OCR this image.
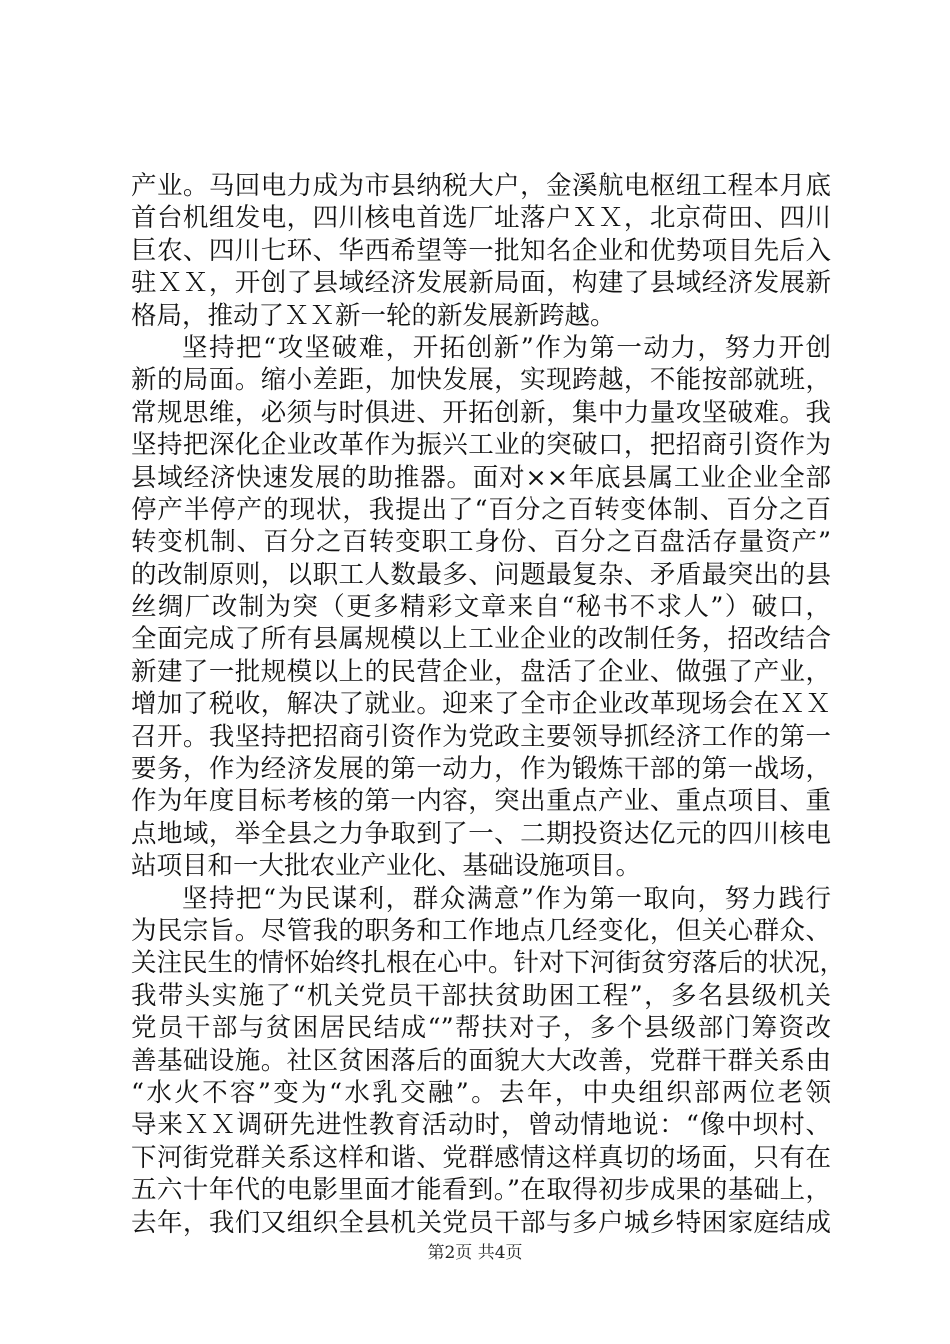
产业。马回电力成为市县纳税大户，金溪航电枢纽工程本月底
首台机组发电，四川核电首选厂址落户ＸＸ，北京荷田、四川
巨农、四川七环、华西希望等一批知名企业和优势项目先后入
驻ＸＸ，开创了县域经济发展新局面，构建了县域经济发展新
格局，推动了ＸＸ新一轮的新发展新跨越。
坚持把“攻坚破难，开拓创新”作为第一动力，努力开创
新的局面。缩小差距，加快发展，实现跨越，不能按部就班，
常规思维，必须与时俱进、开拓创新，集中力量攻坚破难。我
坚持把深化企业改革作为振兴工业的突破口，把招商引资作为
县域经济快速发展的助推器。面对××年底县属工业企业全部
停产半停产的现状，我提出了“百分之百转变体制、百分之百
转变机制、百分之百转变职工身份、百分之百盘活存量资产”
的改制原则，以职工人数最多、问题最复杂、矛盾最突出的县
丝绸厂改制为突（更多精彩文章来自“秘书不求人”）破口，
全面完成了所有县属规模以上工业企业的改制任务，招改结合
新建了一批规模以上的民营企业，盘活了企业、做强了产业，
增加了税收，解决了就业。迎来了全市企业改革现场会在ＸＸ
召开。我坚持把招商引资作为党政主要领导抓经济工作的第一
要务，作为经济发展的第一动力，作为锻炼干部的第一战场，
作为年度目标考核的第一内容，突出重点产业、重点项目、重
点地域，举全县之力争取到了一、二期投资达亿元的四川核电
站项目和一大批农业产业化、基础设施项目。
坚持把“为民谋利，群众满意”作为第一取向，努力践行
为民宗旨。尽管我的职务和工作地点几经变化，但关心群众、
关注民生的情怀始终扎根在心中。针对下河街贫穷落后的状况，
我带头实施了“机关党员干部扶贫助困工程”，多名县级机关
党员干部与贫困居民结成“”帮扶对子，多个县级部门筹资改
善基础设施。社区贫困落后的面貌大大改善，党群干群关系由
“水火不容”变为“水乳交融”。去年，中央组织部两位老领
导来ＸＸ调研先进性教育活动时，曾动情地说：“像中坝村、
下河街党群关系这样和谐、党群感情这样真切的场面，只有在
五六十年代的电影里面才能看到。”在取得初步成果的基础上，
去年，我们又组织全县机关党员干部与多户城乡特困家庭结成
第2页 共4页
